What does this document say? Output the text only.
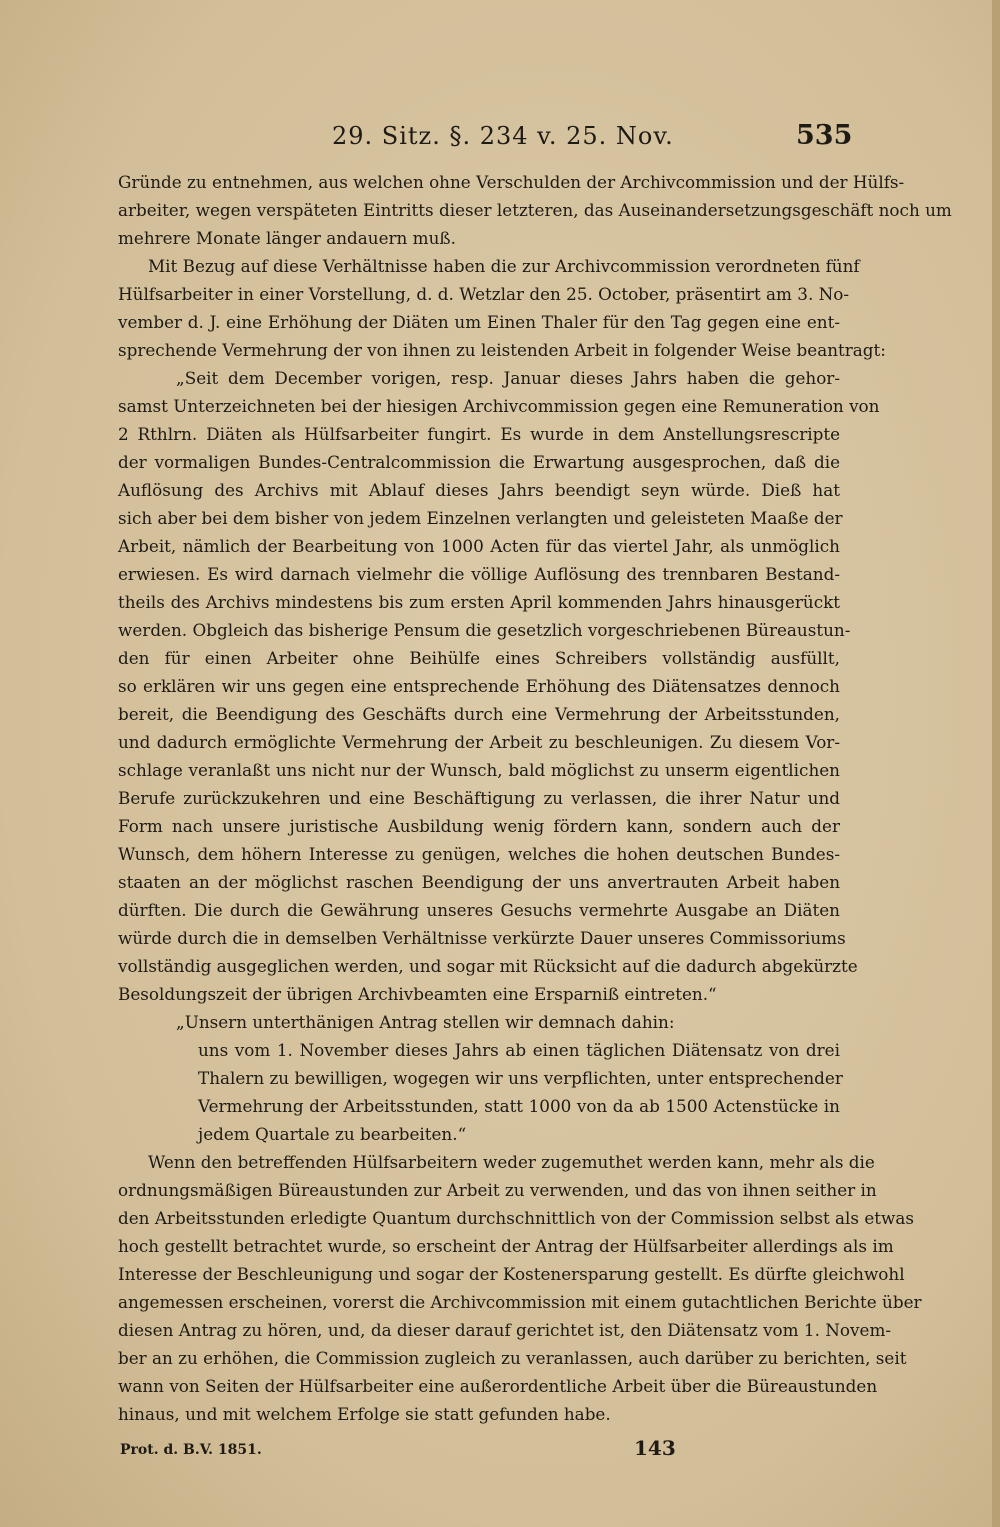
29. Sitz. §. 234 v. 25. Nov.	535
Gründe zu entnehmen, aus welchen ohne Verschulden der Archivcommission und der Hülfs-
arbeiter, wegen verspäteten Eintritts dieser letzteren, das Auseinandersetzungsgeschäft noch um
mehrere Monate länger andauern muß.
Mit Bezug auf diese Verhältnisse haben die zur Archivcommission verordneten fünf
Hülfsarbeiter in einer Vorstellung, d. d. Wetzlar den 25. October, präsentirt am 3. No-
vember d. J. eine Erhöhung der Diäten um Einen Thaler für den Tag gegen eine ent-
sprechende Vermehrung der von ihnen zu leistenden Arbeit in folgender Weise beantragt:
„Seit dem December vorigen, resp. Januar dieses Jahrs haben die gehor-
samst Unterzeichneten bei der hiesigen Archivcommission gegen eine Remuneration von
2 Rthlrn. Diäten als Hülfsarbeiter fungirt. Es wurde in dem Anstellungsrescripte
der vormaligen Bundes-Centralcommission die Erwartung ausgesprochen, daß die
Auflösung des Archivs mit Ablauf dieses Jahrs beendigt seyn würde. Dieß hat
sich aber bei dem bisher von jedem Einzelnen verlangten und geleisteten Maaße der
Arbeit, nämlich der Bearbeitung von 1000 Acten für das viertel Jahr, als unmöglich
erwiesen. Es wird darnach vielmehr die völlige Auflösung des trennbaren Bestand-
theils des Archivs mindestens bis zum ersten April kommenden Jahrs hinausgerückt
werden. Obgleich das bisherige Pensum die gesetzlich vorgeschriebenen Büreaustun-
den für einen Arbeiter ohne Beihülfe eines Schreibers vollständig ausfüllt,
so erklären wir uns gegen eine entsprechende Erhöhung des Diätensatzes dennoch
bereit, die Beendigung des Geschäfts durch eine Vermehrung der Arbeitsstunden,
und dadurch ermöglichte Vermehrung der Arbeit zu beschleunigen. Zu diesem Vor-
schlage veranlaßt uns nicht nur der Wunsch, bald möglichst zu unserm eigentlichen
Berufe zurückzukehren und eine Beschäftigung zu verlassen, die ihrer Natur und
Form nach unsere juristische Ausbildung wenig fördern kann, sondern auch der
Wunsch, dem höhern Interesse zu genügen, welches die hohen deutschen Bundes-
staaten an der möglichst raschen Beendigung der uns anvertrauten Arbeit haben
dürften. Die durch die Gewährung unseres Gesuchs vermehrte Ausgabe an Diäten
würde durch die in demselben Verhältnisse verkürzte Dauer unseres Commissoriums
vollständig ausgeglichen werden, und sogar mit Rücksicht auf die dadurch abgekürzte
Besoldungszeit der übrigen Archivbeamten eine Ersparniß eintreten.“
„Unsern unterthänigen Antrag stellen wir demnach dahin:
uns vom 1. November dieses Jahrs ab einen täglichen Diätensatz von drei
Thalern zu bewilligen, wogegen wir uns verpflichten, unter entsprechender
Vermehrung der Arbeitsstunden, statt 1000 von da ab 1500 Actenstücke in
jedem Quartale zu bearbeiten.“
Wenn den betreffenden Hülfsarbeitern weder zugemuthet werden kann, mehr als die
ordnungsmäßigen Büreaustunden zur Arbeit zu verwenden, und das von ihnen seither in
den Arbeitsstunden erledigte Quantum durchschnittlich von der Commission selbst als etwas
hoch gestellt betrachtet wurde, so erscheint der Antrag der Hülfsarbeiter allerdings als im
Interesse der Beschleunigung und sogar der Kostenersparung gestellt. Es dürfte gleichwohl
angemessen erscheinen, vorerst die Archivcommission mit einem gutachtlichen Berichte über
diesen Antrag zu hören, und, da dieser darauf gerichtet ist, den Diätensatz vom 1. Novem-
ber an zu erhöhen, die Commission zugleich zu veranlassen, auch darüber zu berichten, seit
wann von Seiten der Hülfsarbeiter eine außerordentliche Arbeit über die Büreaustunden
hinaus, und mit welchem Erfolge sie statt gefunden habe.
Prot. d. B.V. 1851.	143
